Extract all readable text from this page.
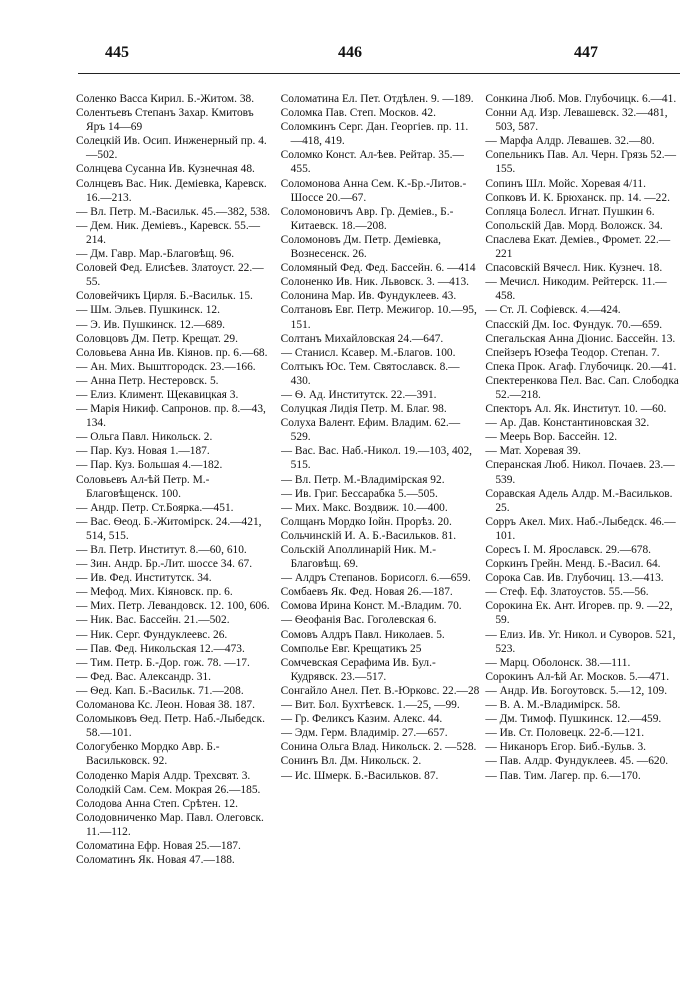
445	446	447

Соленко Васса Кирил. Б.-Житом. 38.

Солентьевъ Степанъ Захар. Кмитовъ Яръ 14—69

Солецкій Ив. Осип. Инженерный пр. 4.—502.

Солнцева Сусанна Ив. Кузнечная 48.

Солнцевъ Вас. Ник. Деміевка, Каревск. 16.—213.

— Вл. Петр. М.-Васильк. 45.—382, 538.

— Дем. Ник. Деміевъ., Каревск. 55.—214.

— Дм. Гавр. Мар.-Благовѣщ. 96.

Соловей Фед. Елисѣев. Златоуст. 22.—55.

Соловейчикъ Цирля. Б.-Васильк. 15.

— Шм. Эльев. Пушкинск. 12.

— Э. Ив. Пушкинск. 12.—689.

Соловцовъ Дм. Петр. Крещат. 29.

Соловьева Анна Ив. Кіянов. пр. 6.—68.

— Ан. Мих. Выштгородск. 23.—166.

— Анна Петр. Нестеровск. 5.

— Елиз. Климент. Щекавицкая 3.

— Марія Никиф. Сапронов. пр. 8.—43, 134.

— Ольга Павл. Никольск. 2.

— Пар. Куз. Новая 1.—187.

— Пар. Куз. Большая 4.—182.

Соловьевъ Ал-ѣй Петр. М.-Благовѣщенск. 100.

— Андр. Петр. Ст.Боярка.—451.

— Вас. Ѳеод. Б.-Житомірск. 24.—421, 514, 515.

— Вл. Петр. Институт. 8.—60, 610.

— Зин. Андр. Бр.-Лит. шоссе 34. 67.

— Ив. Фед. Институтск. 34.

— Мефод. Мих. Кіяновск. пр. 6.

— Мих. Петр. Левандовск. 12. 100, 606.

— Ник. Вас. Бассейн. 21.—502.

— Ник. Серг. Фундуклеевс. 26.

— Пав. Фед. Никольская 12.—473.

— Тим. Петр. Б.-Дор. гож. 78. —17.

— Фед. Вас. Александр. 31.

— Ѳед. Кап. Б.-Васильк. 71.—208.

Соломанова Кс. Леон. Новая 38. 187.

Соломыковъ Ѳед. Петр. Наб.-Лыбедск. 58.—101.

Сологубенко Мордко Авр. Б.-Васильковск. 92.

Солоденко Марія Алдр. Трехсвят. 3.

Солодкій Сам. Сем. Мокрая 26.—185.

Солодова Анна Степ. Срѣтен. 12.

Солодовниченко Мар. Павл. Олеговск. 11.—112.

Соломатина Ефр. Новая 25.—187.

Соломатинъ Як. Новая 47.—188.

Соломатина Ел. Пет. Отдѣлен. 9. —189.

Соломка Пав. Степ. Москов. 42.

Соломкинъ Серг. Дан. Георгіев. пр. 11.—418, 419.

Соломко Конст. Ал-ѣев. Рейтар. 35.—455.

Соломонова Анна Сем. К.-Бр.-Литов.-Шоссе 20.—67.

Соломоновичъ Авр. Гр. Деміев., Б.-Китаевск. 18.—208.

Соломоновъ Дм. Петр. Деміевка, Вознесенск. 26.

Соломяный Фед. Фед. Бассейн. 6. —414

Солоненко Ив. Ник. Львовск. 3. —413.

Солонина Мар. Ив. Фундуклеев. 43.

Солтановъ Евг. Петр. Межигор. 10.—95, 151.

Солтанъ Михайловская 24.—647.

— Станисл. Ксавер. М.-Благов. 100.

Солтыкъ Юс. Тем. Святославск. 8.—430.

— Ѳ. Ад. Институтск. 22.—391.

Солуцкая Лидія Петр. М. Благ. 98.

Солуха Валент. Ефим. Владим. 62.—529.

— Вас. Вас. Наб.-Никол. 19.—103, 402, 515.

— Вл. Петр. М.-Владимірская 92.

— Ив. Григ. Бессарабка 5.—505.

— Мих. Макс. Воздвиж. 10.—400.

Солщанъ Мордко Іойн. Прорѣз. 20.

Сольчинскій И. А. Б.-Васильков. 81.

Сольскій Аполлинарій Ник. М.-Благовѣщ. 69.

— Алдръ Степанов. Борисогл. 6.—659.

Сомбаевъ Як. Фед. Новая 26.—187.

Сомова Ирина Конст. М.-Владим. 70.

— Ѳеофанія Вас. Гоголевская 6.

Сомовъ Алдръ Павл. Николаев. 5.

Сомполье Евг. Крещатикъ 25

Сомчевская Серафима Ив. Бул.-Кудрявск. 23.—517.

Сонгайло Анел. Пет. В.-Юрковс. 22.—28

— Вит. Бол. Бухтѣевск. 1.—25, —99.

— Гр. Феликсъ Казим. Алекс. 44.

— Эдм. Герм. Владимір. 27.—657.

Сонина Ольга Влад. Никольск. 2. —528.

Сонинъ Вл. Дм. Никольск. 2.

— Ис. Шмерк. Б.-Васильков. 87.

Сонкина Люб. Мов. Глубочицк. 6.—41.

Сонни Ад. Изр. Левашевск. 32.—481, 503, 587.

— Марфа Алдр. Левашев. 32.—80.

Сопельникъ Пав. Ал. Черн. Грязь 52.—155.

Сопинъ Шл. Мойс. Хоревая 4/11.

Сопковъ И. К. Брюханск. пр. 14. —22.

Сопляца Болесл. Игнат. Пушкин 6.

Сопольскій Дав. Морд. Воложск. 34.

Спаслева Екат. Деміев., Фромет. 22.—221

Спасовскій Вячесл. Ник. Кузнеч. 18.

— Мечисл. Никодим. Рейтерск. 11.—458.

— Ст. Л. Софіевск. 4.—424.

Спасскій Дм. Іос. Фундук. 70.—659.

Спегальская Анна Діонис. Бассейн. 13.

Спейзеръ Юзефа Теодор. Степан. 7.

Спека Прок. Агаф. Глубочицк. 20.—41.

Спектеренкова Пел. Вас. Сап. Слободка 52.—218.

Спекторъ Ал. Як. Институт. 10. —60.

— Ар. Дав. Константиновская 32.

— Меерь Вор. Бассейн. 12.

— Мат. Хоревая 39.

Сперанская Люб. Никол. Почаев. 23.—539.

Соравская Адель Алдр. М.-Васильков. 25.

Сорръ Акел. Мих. Наб.-Лыбедск. 46.—101.

Соресъ І. М. Ярославск. 29.—678.

Соркинъ Грейн. Менд. Б.-Васил. 64.

Сорока Сав. Ив. Глубочиц. 13.—413.

— Стеф. Еф. Златоустов. 55.—56.

Сорокина Ек. Ант. Игорев. пр. 9. —22, 59.

— Елиз. Ив. Уг. Никол. и Суворов. 521, 523.

— Марц. Оболонск. 38.—111.

Сорокинъ Ал-ѣй Аг. Москов. 5.—471.

— Андр. Ив. Богоутовск. 5.—12, 109.

— В. А. М.-Владимірск. 58.

— Дм. Тимоф. Пушкинск. 12.—459.

— Ив. Ст. Половецк. 22-б.—121.

— Никаноръ Егор. Биб.-Бульв. 3.

— Пав. Алдр. Фундуклеев. 45. —620.

— Пав. Тим. Лагер. пр. 6.—170.
